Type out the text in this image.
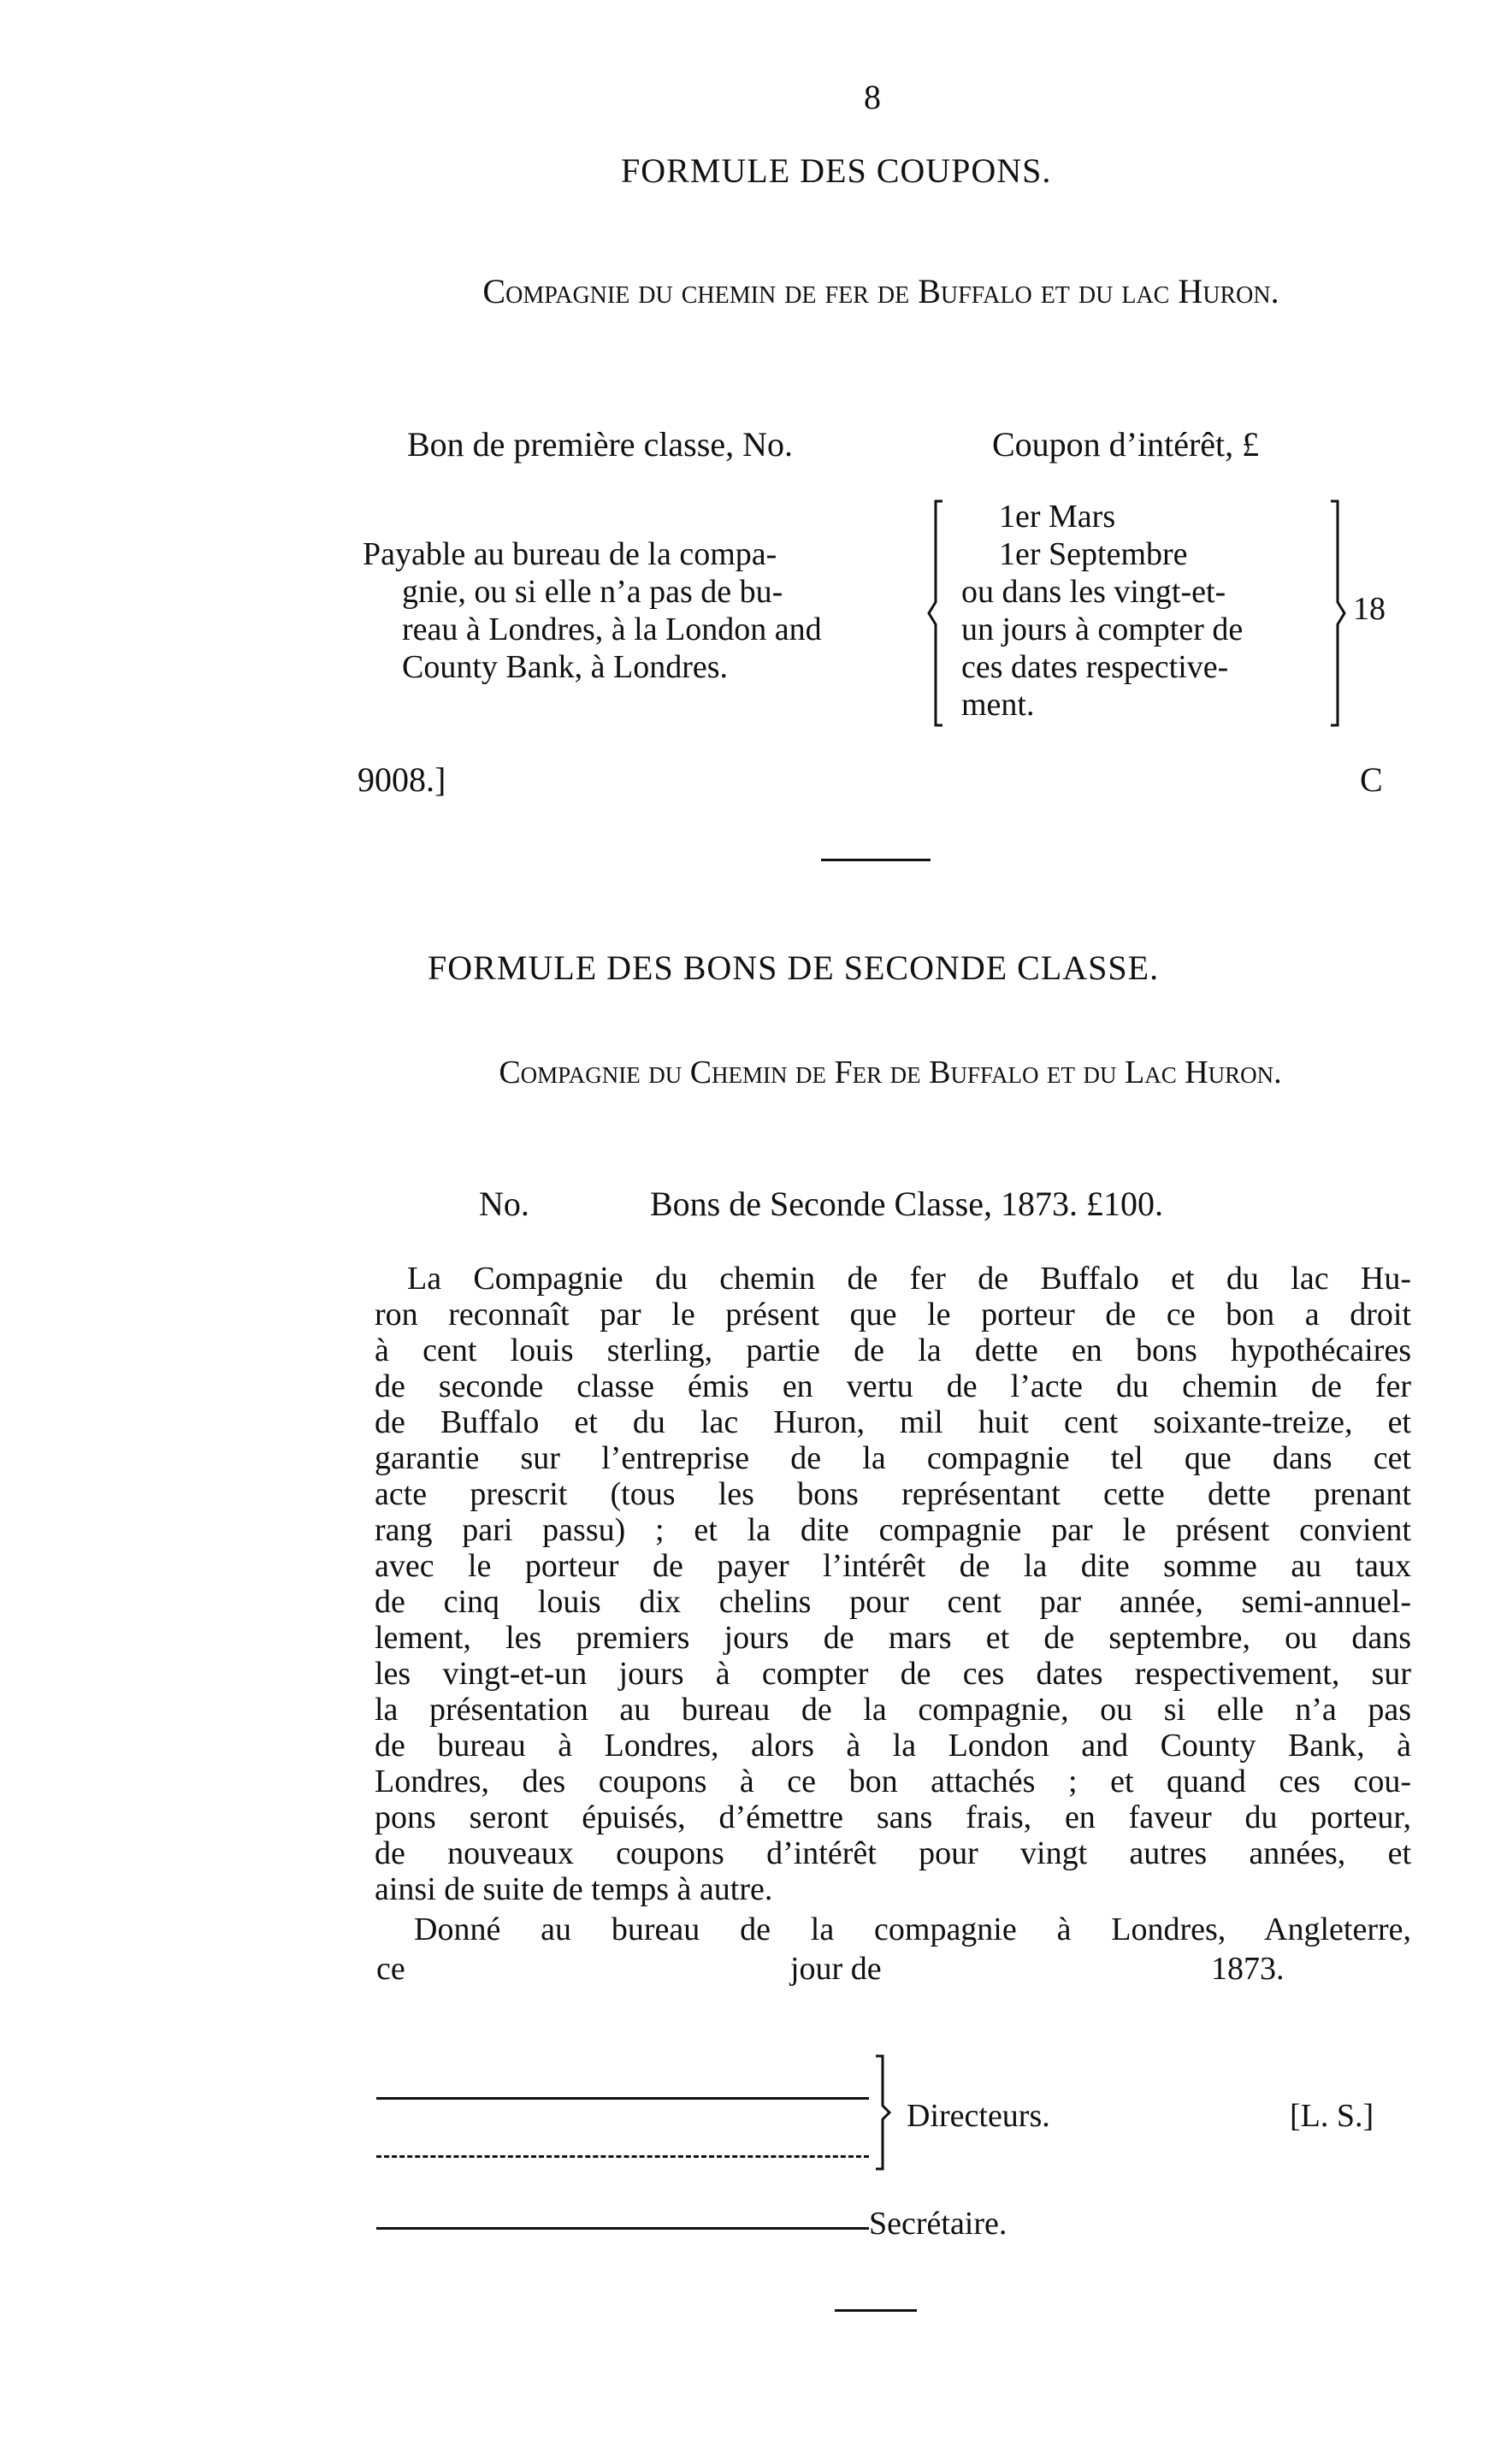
8
FORMULE DES COUPONS.
Compagnie du chemin de fer de Buffalo et du lac Huron.
Bon de première classe, No.	Coupon d’intérêt, £
Payable au bureau de la compa-
gnie, ou si elle n’a pas de bu-
reau à Londres, à la London and
County Bank, à Londres.
1er Mars
1er Septembre
ou dans les vingt-et-
un jours à compter de
ces dates respective-
ment.
18
9008.]	C
FORMULE DES BONS DE SECONDE CLASSE.
Compagnie du Chemin de Fer de Buffalo et du Lac Huron.
No.	Bons de Seconde Classe, 1873. £100.
La Compagnie du chemin de fer de Buffalo et du lac Hu-
ron reconnaît par le présent que le porteur de ce bon a droit
à cent louis sterling, partie de la dette en bons hypothécaires
de seconde classe émis en vertu de l’acte du chemin de fer
de Buffalo et du lac Huron, mil huit cent soixante-treize, et
garantie sur l’entreprise de la compagnie tel que dans cet
acte prescrit (tous les bons représentant cette dette prenant
rang pari passu) ; et la dite compagnie par le présent convient
avec le porteur de payer l’intérêt de la dite somme au taux
de cinq louis dix chelins pour cent par année, semi-annuel-
lement, les premiers jours de mars et de septembre, ou dans
les vingt-et-un jours à compter de ces dates respectivement, sur
la présentation au bureau de la compagnie, ou si elle n’a pas
de bureau à Londres, alors à la London and County Bank, à
Londres, des coupons à ce bon attachés ; et quand ces cou-
pons seront épuisés, d’émettre sans frais, en faveur du porteur,
de nouveaux coupons d’intérêt pour vingt autres années, et
ainsi de suite de temps à autre.
Donné au bureau de la compagnie à Londres, Angleterre,
ce	jour de	1873.
Directeurs.	[L. S.]
Secrétaire.
